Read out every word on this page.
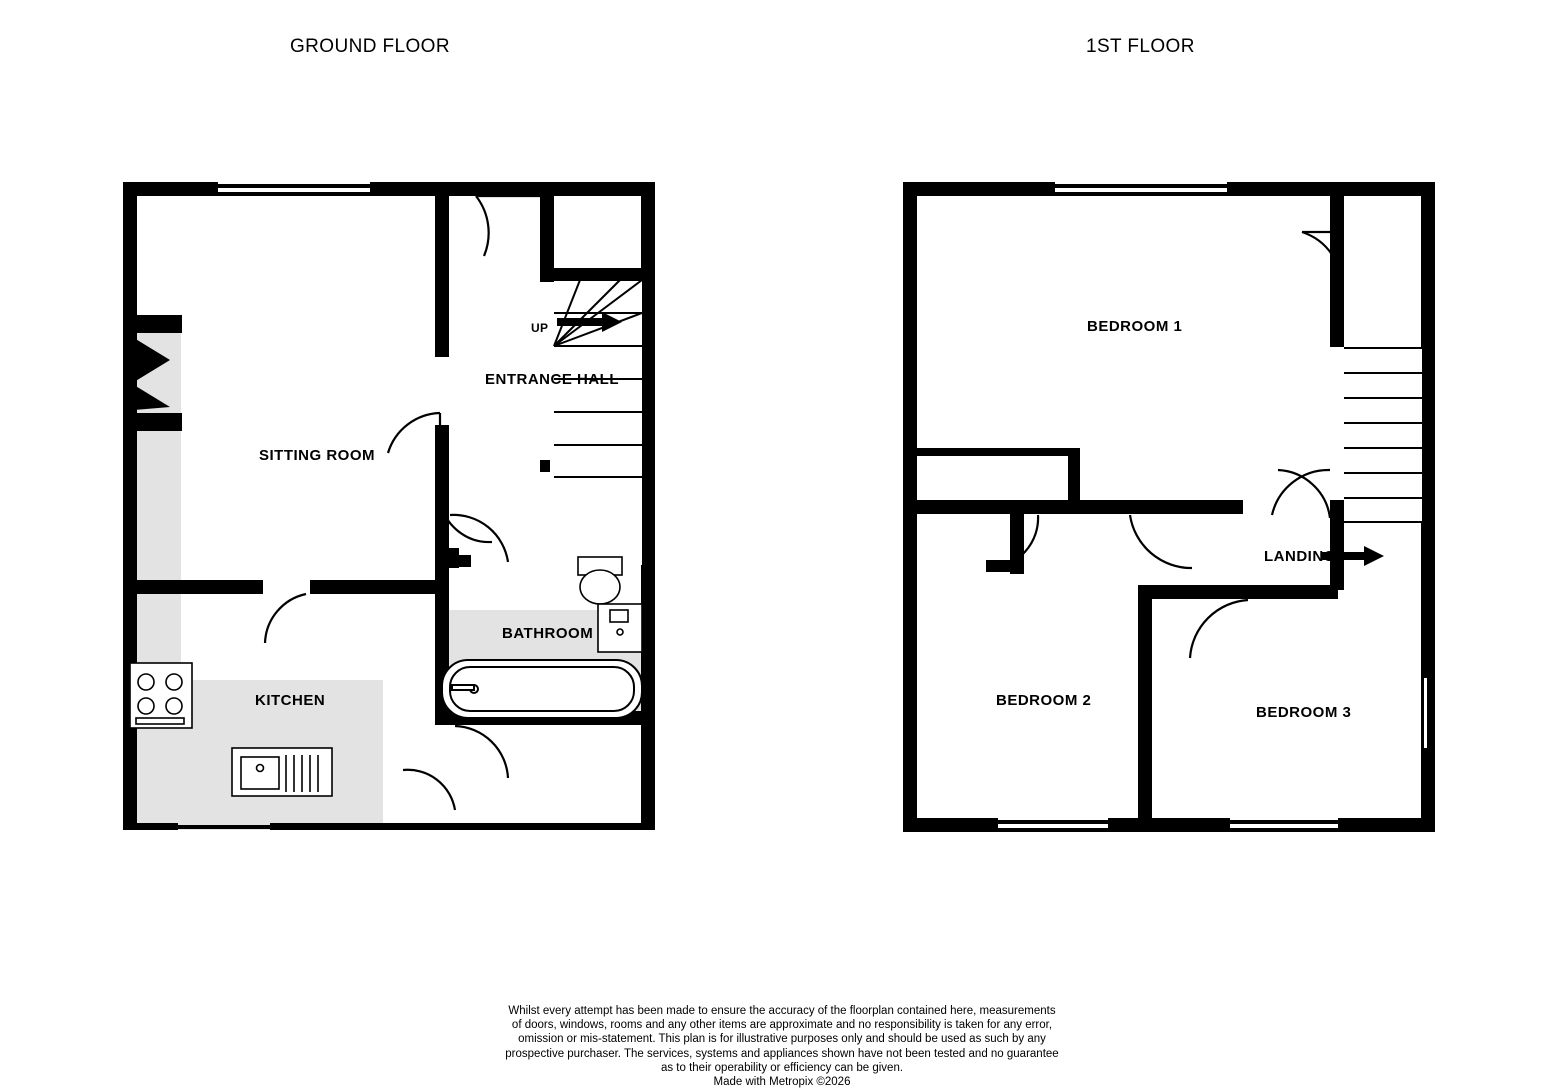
GROUND FLOOR	1ST FLOOR
SITTING ROOM
ENTRANCE HALL
BATHROOM
KITCHEN
UP	BEDROOM 1
BEDROOM 2
BEDROOM 3
LANDING
Whilst every attempt has been made to ensure the accuracy of the floorplan contained here, measurements
of doors, windows, rooms and any other items are approximate and no responsibility is taken for any error,
omission or mis-statement. This plan is for illustrative purposes only and should be used as such by any
prospective purchaser. The services, systems and appliances shown have not been tested and no guarantee
as to their operability or efficiency can be given.

Made with Metropix ©2026
